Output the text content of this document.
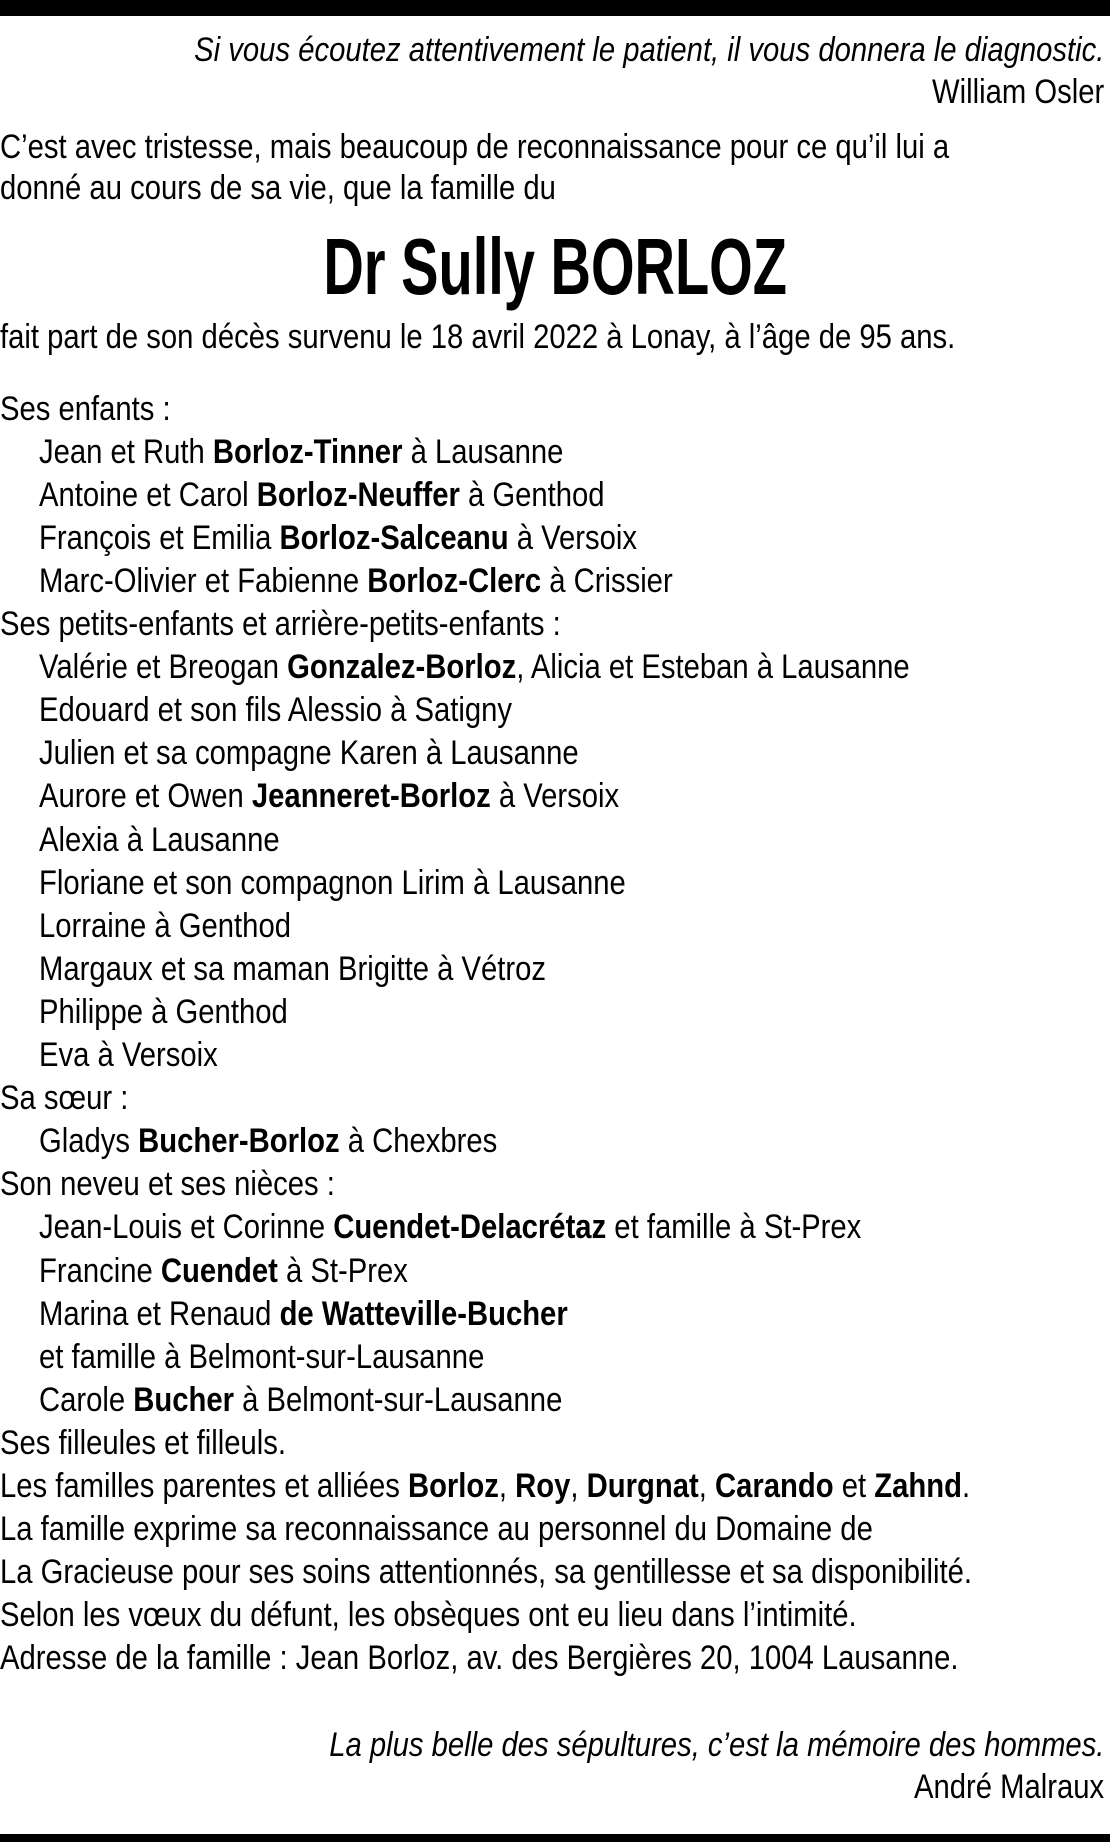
Si vous écoutez attentivement le patient, il vous donnera le diagnostic.
William Osler
C’est avec tristesse, mais beaucoup de reconnaissance pour ce qu’il lui a
donné au cours de sa vie, que la famille du
Dr Sully BORLOZ
fait part de son décès survenu le 18 avril 2022 à Lonay, à l’âge de 95 ans.
Ses enfants :
Jean et Ruth Borloz-Tinner à Lausanne
Antoine et Carol Borloz-Neuffer à Genthod
François et Emilia Borloz-Salceanu à Versoix
Marc-Olivier et Fabienne Borloz-Clerc à Crissier
Ses petits-enfants et arrière-petits-enfants :
Valérie et Breogan Gonzalez-Borloz, Alicia et Esteban à Lausanne
Edouard et son fils Alessio à Satigny
Julien et sa compagne Karen à Lausanne
Aurore et Owen Jeanneret-Borloz à Versoix
Alexia à Lausanne
Floriane et son compagnon Lirim à Lausanne
Lorraine à Genthod
Margaux et sa maman Brigitte à Vétroz
Philippe à Genthod
Eva à Versoix
Sa sœur :
Gladys Bucher-Borloz à Chexbres
Son neveu et ses nièces :
Jean-Louis et Corinne Cuendet-Delacrétaz et famille à St-Prex
Francine Cuendet à St-Prex
Marina et Renaud de Watteville-Bucher
et famille à Belmont-sur-Lausanne
Carole Bucher à Belmont-sur-Lausanne
Ses filleules et filleuls.
Les familles parentes et alliées Borloz, Roy, Durgnat, Carando et Zahnd.
La famille exprime sa reconnaissance au personnel du Domaine de
La Gracieuse pour ses soins attentionnés, sa gentillesse et sa disponibilité.
Selon les vœux du défunt, les obsèques ont eu lieu dans l’intimité.
Adresse de la famille : Jean Borloz, av. des Bergières 20, 1004 Lausanne.
La plus belle des sépultures, c’est la mémoire des hommes.
André Malraux
